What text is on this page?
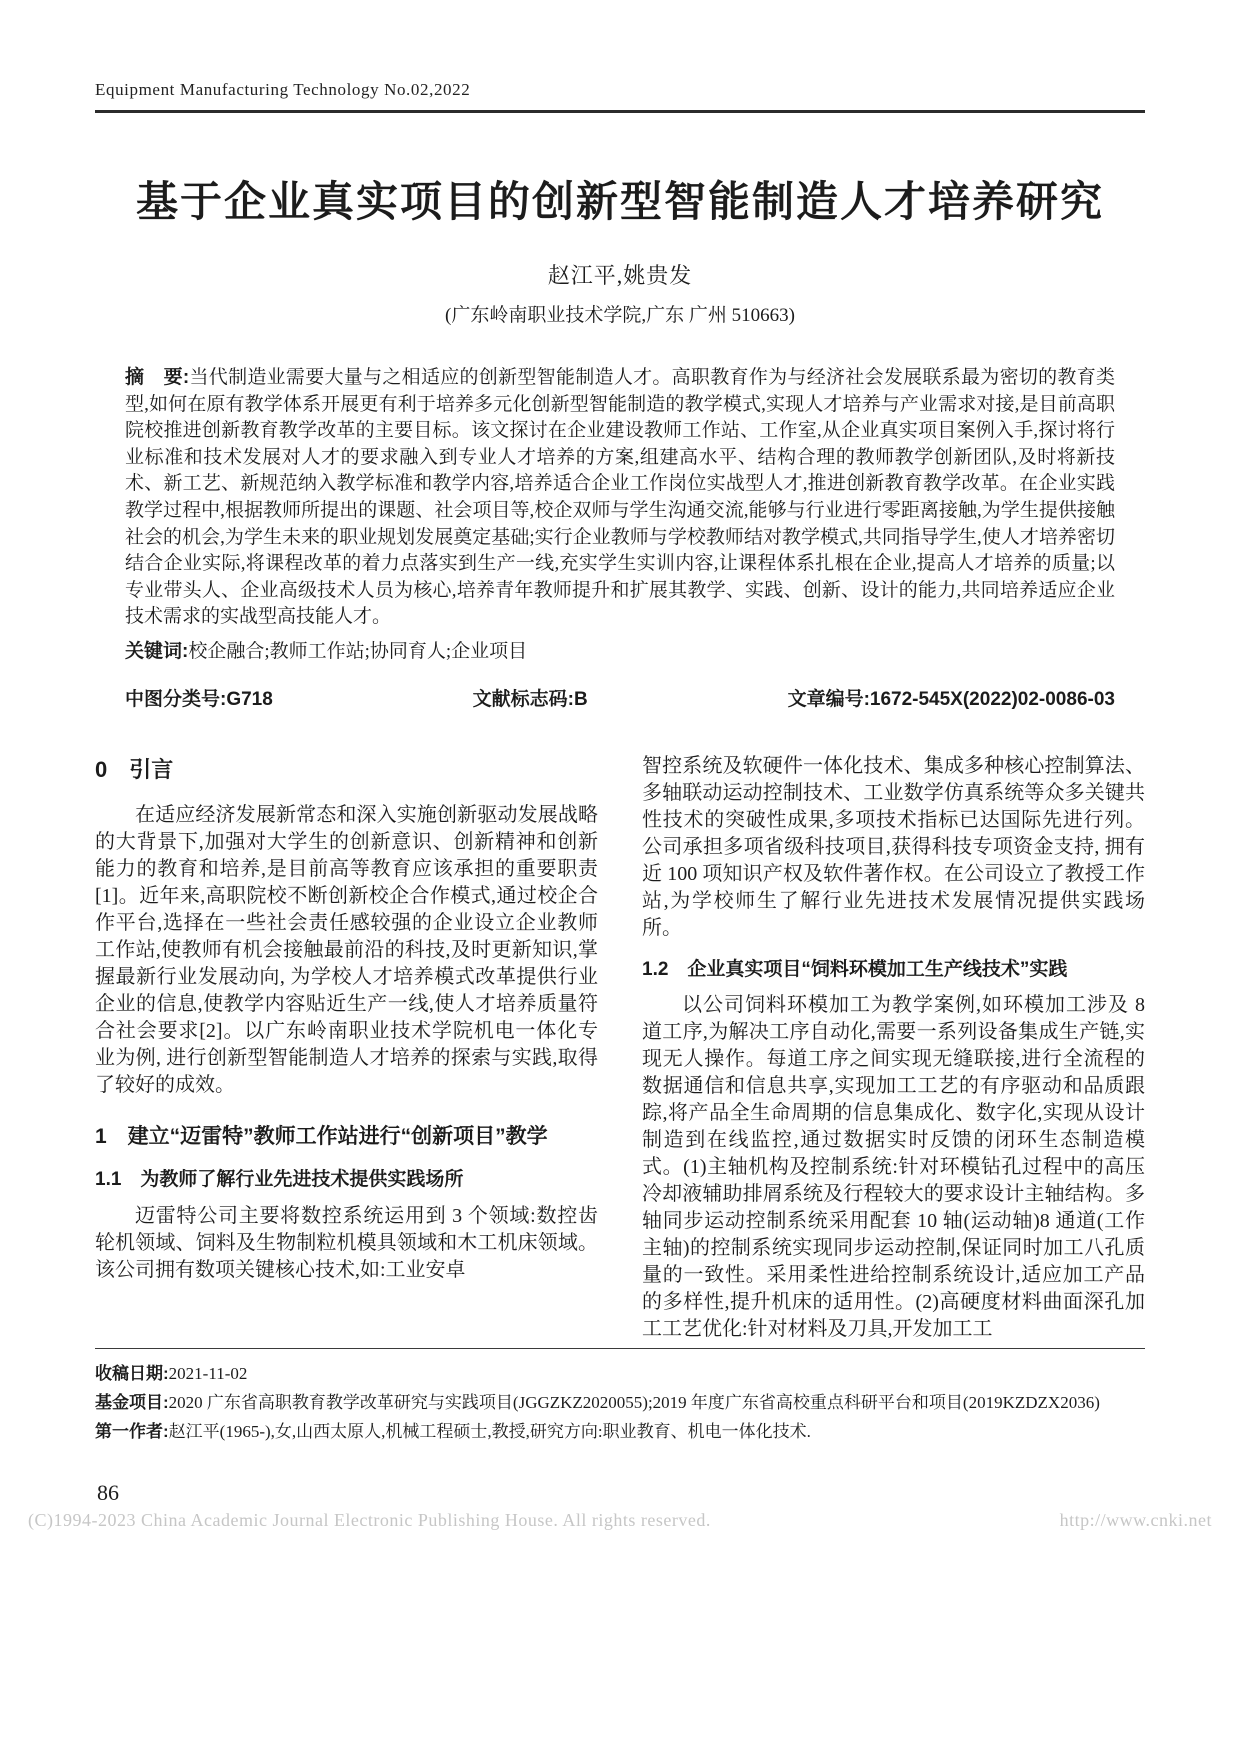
Equipment Manufacturing Technology No.02,2022
基于企业真实项目的创新型智能制造人才培养研究
赵江平,姚贵发
(广东岭南职业技术学院,广东 广州 510663)

摘　要:当代制造业需要大量与之相适应的创新型智能制造人才。高职教育作为与经济社会发展联系最为密切的教育类型,如何在原有教学体系开展更有利于培养多元化创新型智能制造的教学模式,实现人才培养与产业需求对接,是目前高职院校推进创新教育教学改革的主要目标。该文探讨在企业建设教师工作站、工作室,从企业真实项目案例入手,探讨将行业标准和技术发展对人才的要求融入到专业人才培养的方案,组建高水平、结构合理的教师教学创新团队,及时将新技术、新工艺、新规范纳入教学标准和教学内容,培养适合企业工作岗位实战型人才,推进创新教育教学改革。在企业实践教学过程中,根据教师所提出的课题、社会项目等,校企双师与学生沟通交流,能够与行业进行零距离接触,为学生提供接触社会的机会,为学生未来的职业规划发展奠定基础;实行企业教师与学校教师结对教学模式,共同指导学生,使人才培养密切结合企业实际,将课程改革的着力点落实到生产一线,充实学生实训内容,让课程体系扎根在企业,提高人才培养的质量;以专业带头人、企业高级技术人员为核心,培养青年教师提升和扩展其教学、实践、创新、设计的能力,共同培养适应企业技术需求的实战型高技能人才。

关键词:校企融合;教师工作站;协同育人;企业项目

中图分类号:G718	文献标志码:B	文章编号:1672-545X(2022)02-0086-03
0　引言

在适应经济发展新常态和深入实施创新驱动发展战略的大背景下,加强对大学生的创新意识、创新精神和创新能力的教育和培养,是目前高等教育应该承担的重要职责[1]。近年来,高职院校不断创新校企合作模式,通过校企合作平台,选择在一些社会责任感较强的企业设立企业教师工作站,使教师有机会接触最前沿的科技,及时更新知识,掌握最新行业发展动向, 为学校人才培养模式改革提供行业企业的信息,使教学内容贴近生产一线,使人才培养质量符合社会要求[2]。以广东岭南职业技术学院机电一体化专业为例, 进行创新型智能制造人才培养的探索与实践,取得了较好的成效。

1　建立“迈雷特”教师工作站进行“创新项目”教学
1.1　为教师了解行业先进技术提供实践场所

迈雷特公司主要将数控系统运用到 3 个领域:数控齿轮机领域、饲料及生物制粒机模具领域和木工机床领域。该公司拥有数项关键核心技术,如:工业安卓

智控系统及软硬件一体化技术、集成多种核心控制算法、多轴联动运动控制技术、工业数学仿真系统等众多关键共性技术的突破性成果,多项技术指标已达国际先进行列。公司承担多项省级科技项目,获得科技专项资金支持, 拥有近 100 项知识产权及软件著作权。在公司设立了教授工作站,为学校师生了解行业先进技术发展情况提供实践场所。

1.2　企业真实项目“饲料环模加工生产线技术”实践

以公司饲料环模加工为教学案例,如环模加工涉及 8 道工序,为解决工序自动化,需要一系列设备集成生产链,实现无人操作。每道工序之间实现无缝联接,进行全流程的数据通信和信息共享,实现加工工艺的有序驱动和品质跟踪,将产品全生命周期的信息集成化、数字化,实现从设计制造到在线监控,通过数据实时反馈的闭环生态制造模式。(1)主轴机构及控制系统:针对环模钻孔过程中的高压冷却液辅助排屑系统及行程较大的要求设计主轴结构。多轴同步运动控制系统采用配套 10 轴(运动轴)8 通道(工作主轴)的控制系统实现同步运动控制,保证同时加工八孔质量的一致性。采用柔性进给控制系统设计,适应加工产品的多样性,提升机床的适用性。(2)高硬度材料曲面深孔加工工艺优化:针对材料及刀具,开发加工工

收稿日期:2021-11-02

基金项目:2020 广东省高职教育教学改革研究与实践项目(JGGZKZ2020055);2019 年度广东省高校重点科研平台和项目(2019KZDZX2036)

第一作者:赵江平(1965-),女,山西太原人,机械工程硕士,教授,研究方向:职业教育、机电一体化技术.

86
(C)1994-2023 China Academic Journal Electronic Publishing House. All rights reserved.	http://www.cnki.net
